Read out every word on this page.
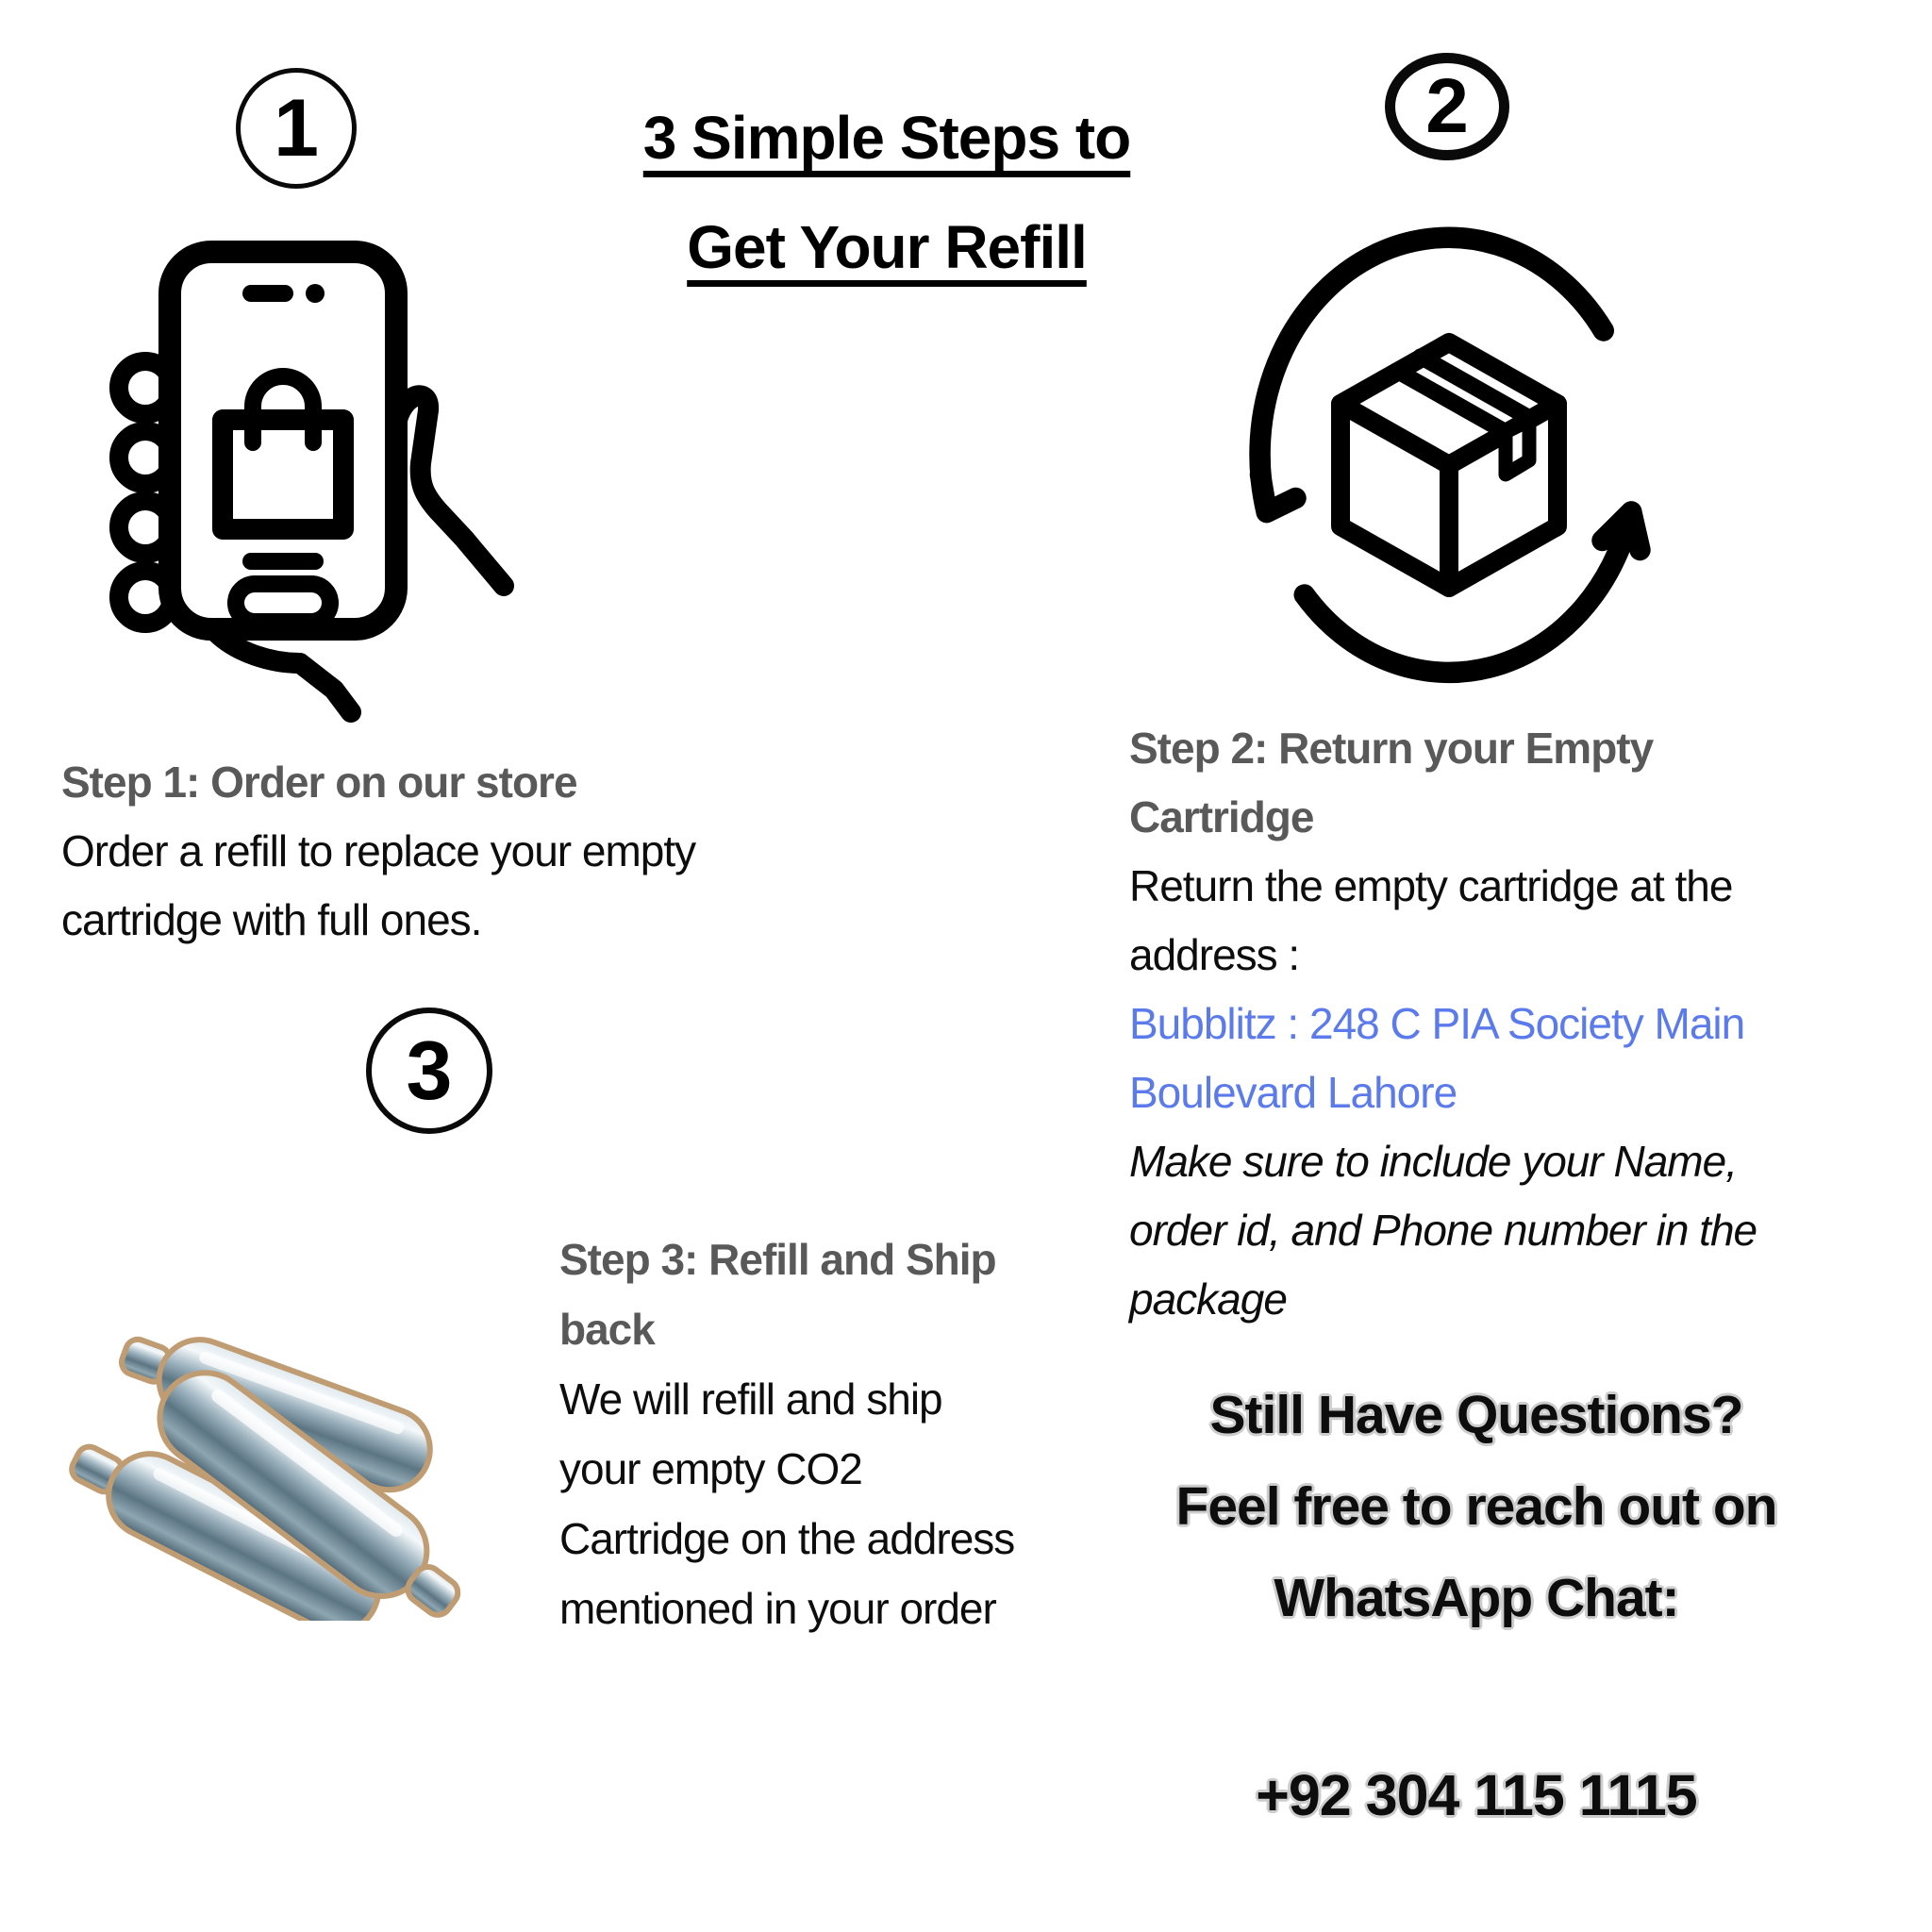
1	3 Simple Steps to
Get Your Refill
2
Step 1: Order on our store
Order a refill to replace your empty
cartridge with full ones.
3
Step 2: Return your Empty
Cartridge
Return the empty cartridge at the
address :
Bubblitz : 248 C PIA Society Main
Boulevard Lahore
Make sure to include your Name,
order id, and Phone number in the
package
Step 3: Refill and Ship
back
We will refill and ship
your empty CO2
Cartridge on the address
mentioned in your order
Still Have Questions?
Feel free to reach out on
WhatsApp Chat:
+92 304 115 1115
